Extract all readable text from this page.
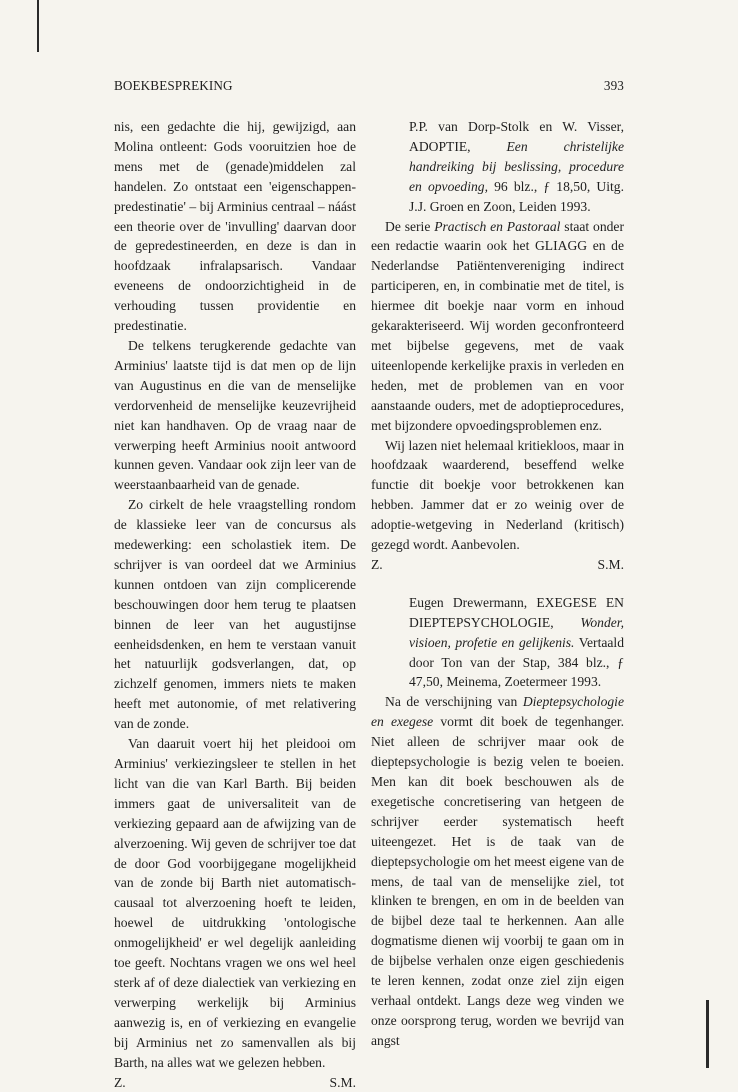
BOEKBESPREKING	393

nis, een gedachte die hij, gewijzigd, aan Molina ontleent: Gods vooruitzien hoe de mens met de (genade)middelen zal handelen. Zo ontstaat een 'eigenschappen-predestinatie' – bij Arminius centraal – náást een theorie over de 'invulling' daarvan door de gepredestineerden, en deze is dan in hoofdzaak infralapsarisch. Vandaar eveneens de ondoorzichtigheid in de verhouding tussen providentie en predestinatie.

De telkens terugkerende gedachte van Arminius' laatste tijd is dat men op de lijn van Augustinus en die van de menselijke verdorvenheid de menselijke keuzevrijheid niet kan handhaven. Op de vraag naar de verwerping heeft Arminius nooit antwoord kunnen geven. Vandaar ook zijn leer van de weerstaanbaarheid van de genade.

Zo cirkelt de hele vraagstelling rondom de klassieke leer van de concursus als medewerking: een scholastiek item. De schrijver is van oordeel dat we Arminius kunnen ontdoen van zijn complicerende beschouwingen door hem terug te plaatsen binnen de leer van het augustijnse eenheidsdenken, en hem te verstaan vanuit het natuurlijk godsverlangen, dat, op zichzelf genomen, immers niets te maken heeft met autonomie, of met relativering van de zonde.

Van daaruit voert hij het pleidooi om Arminius' verkiezingsleer te stellen in het licht van die van Karl Barth. Bij beiden immers gaat de universaliteit van de verkiezing gepaard aan de afwijzing van de alverzoening. Wij geven de schrijver toe dat de door God voorbijgegane mogelijkheid van de zonde bij Barth niet automatisch-causaal tot alverzoening hoeft te leiden, hoewel de uitdrukking 'ontologische onmogelijkheid' er wel degelijk aanleiding toe geeft. Nochtans vragen we ons wel heel sterk af of deze dialectiek van verkiezing en verwerping werkelijk bij Arminius aanwezig is, en of verkiezing en evangelie bij Arminius net zo samenvallen als bij Barth, na alles wat we gelezen hebben.

Z.	S.M.

P.P. van Dorp-Stolk en W. Visser, ADOPTIE,	Een christelijke handreiking bij beslissing, procedure en opvoeding, 96 blz., ƒ 18,50, Uitg. J.J. Groen en Zoon, Leiden 1993.

De serie Practisch en Pastoraal staat onder een redactie waarin ook het GLIAGG en de Nederlandse Patiëntenvereniging indirect participeren, en, in combinatie met de titel, is hiermee dit boekje naar vorm en inhoud gekarakteriseerd. Wij worden geconfronteerd met bijbelse gegevens, met de vaak uiteenlopende kerkelijke praxis in verleden en heden, met de problemen van en voor aanstaande ouders, met de adoptieprocedures, met bijzondere opvoedingsproblemen enz.

Wij lazen niet helemaal kritiekloos, maar in hoofdzaak waarderend, beseffend welke functie dit boekje voor betrokkenen kan hebben. Jammer dat er zo weinig over de adoptie-wetgeving in Nederland (kritisch) gezegd wordt. Aanbevolen.

Z.	S.M.

Eugen Drewermann, EXEGESE EN DIEPTEPSYCHOLOGIE, Wonder, visioen, profetie en gelijkenis. Vertaald door Ton van der Stap, 384 blz., ƒ 47,50, Meinema, Zoetermeer 1993.

Na de verschijning van Dieptepsychologie en exegese vormt dit boek de tegenhanger. Niet alleen de schrijver maar ook de dieptepsychologie is bezig velen te boeien. Men kan dit boek beschouwen als de exegetische concretisering van hetgeen de schrijver eerder systematisch heeft uiteengezet. Het is de taak van de dieptepsychologie om het meest eigene van de mens, de taal van de menselijke ziel, tot klinken te brengen, en om in de beelden van de bijbel deze taal te herkennen. Aan alle dogmatisme dienen wij voorbij te gaan om in de bijbelse verhalen onze eigen geschiedenis te leren kennen, zodat onze ziel zijn eigen verhaal ontdekt. Langs deze weg vinden we onze oorsprong terug, worden we bevrijd van angst
